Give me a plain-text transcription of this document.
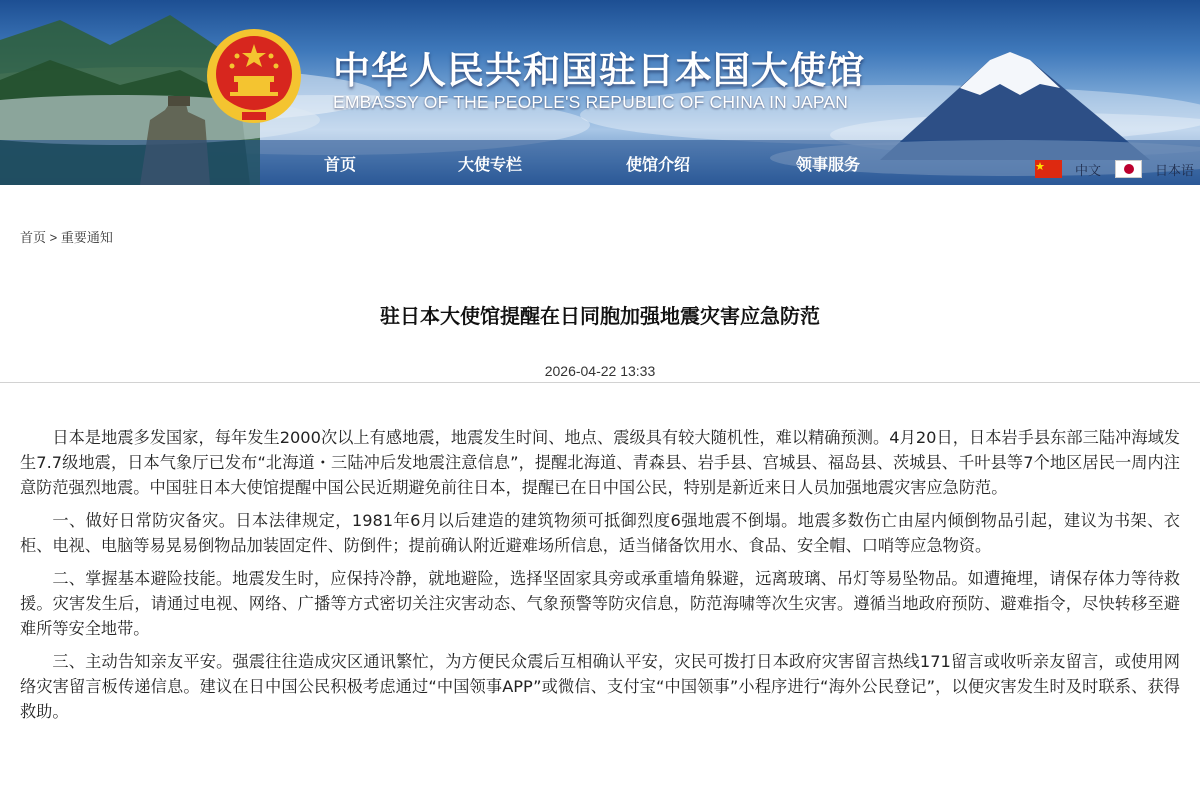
中华人民共和国驻日本国大使馆
EMBASSY OF THE PEOPLE'S REPUBLIC OF CHINA IN JAPAN
首页	大使专栏	使馆介绍	领事服务	中文	日本语
首页 > 重要通知
驻日本大使馆提醒在日同胞加强地震灾害应急防范
2026-04-22 13:33

日本是地震多发国家，每年发生2000次以上有感地震，地震发生时间、地点、震级具有较大随机性，难以精确预测。4月20日，日本岩手县东部三陆冲海域发生7.7级地震，日本气象厅已发布“北海道・三陆冲后发地震注意信息”，提醒北海道、青森县、岩手县、宫城县、福岛县、茨城县、千叶县等7个地区居民一周内注意防范强烈地震。中国驻日本大使馆提醒中国公民近期避免前往日本，提醒已在日中国公民，特别是新近来日人员加强地震灾害应急防范。

一、做好日常防灾备灾。日本法律规定，1981年6月以后建造的建筑物须可抵御烈度6强地震不倒塌。地震多数伤亡由屋内倾倒物品引起，建议为书架、衣柜、电视、电脑等易晃易倒物品加装固定件、防倒件；提前确认附近避难场所信息，适当储备饮用水、食品、安全帽、口哨等应急物资。

二、掌握基本避险技能。地震发生时，应保持冷静，就地避险，选择坚固家具旁或承重墙角躲避，远离玻璃、吊灯等易坠物品。如遭掩埋，请保存体力等待救援。灾害发生后，请通过电视、网络、广播等方式密切关注灾害动态、气象预警等防灾信息，防范海啸等次生灾害。遵循当地政府预防、避难指令，尽快转移至避难所等安全地带。

三、主动告知亲友平安。强震往往造成灾区通讯繁忙，为方便民众震后互相确认平安，灾民可拨打日本政府灾害留言热线171留言或收听亲友留言，或使用网络灾害留言板传递信息。建议在日中国公民积极考虑通过“中国领事APP”或微信、支付宝“中国领事”小程序进行“海外公民登记”，以便灾害发生时及时联系、获得救助。
